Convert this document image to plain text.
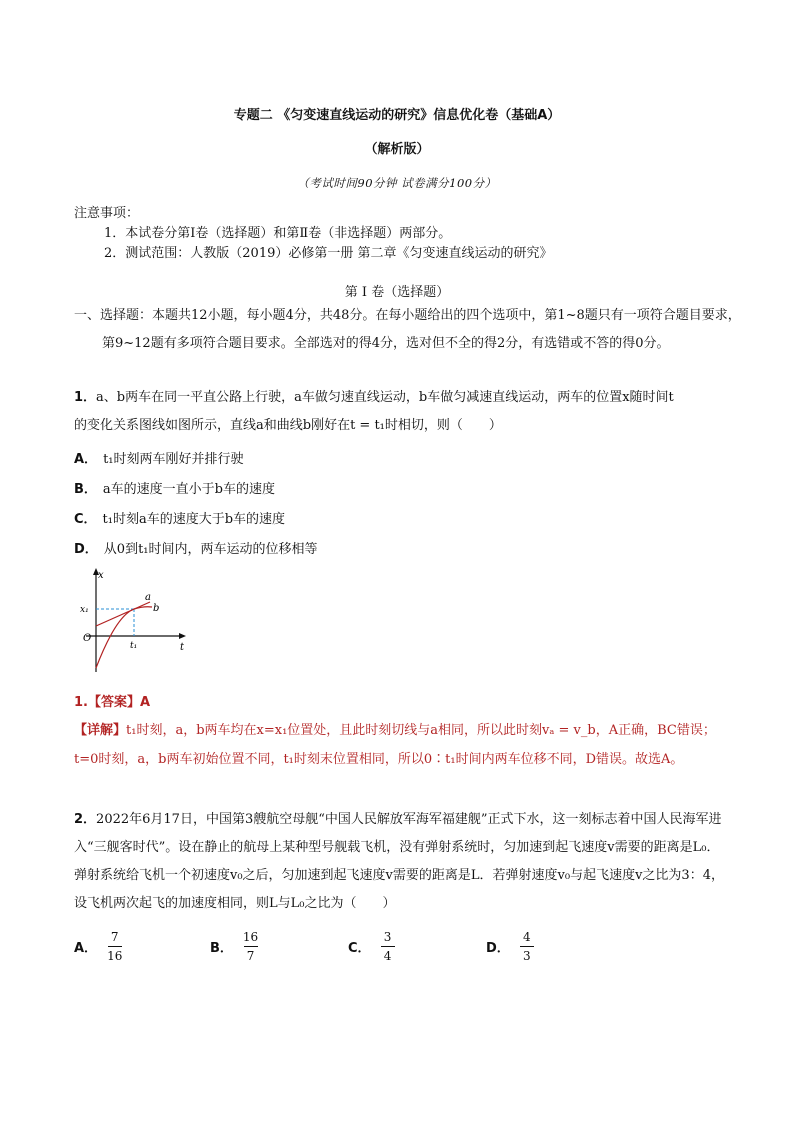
专题二 《匀变速直线运动的研究》信息优化卷（基础A）
（解析版）
（考试时间90分钟 试卷满分100分）
注意事项：
1．本试卷分第Ⅰ卷（选择题）和第Ⅱ卷（非选择题）两部分。
2．测试范围：人教版（2019）必修第一册 第二章《匀变速直线运动的研究》
第 Ⅰ 卷（选择题）
一、选择题：本题共12小题，每小题4分，共48分。在每小题给出的四个选项中，第1~8题只有一项符合题目要求，第9~12题有多项符合题目要求。全部选对的得4分，选对但不全的得2分，有选错或不答的得0分。
1．a、b两车在同一平直公路上行驶，a车做匀速直线运动，b车做匀减速直线运动，两车的位置x随时间t
的变化关系图线如图所示，直线a和曲线b刚好在t = t₁时相切，则（　　）
A． t₁时刻两车刚好并排行驶
B． a车的速度一直小于b车的速度
C． t₁时刻a车的速度大于b车的速度
D． 从0到t₁时间内，两车运动的位移相等
x
t
O
x₁
t₁
a
b
1.【答案】A
【详解】t₁时刻，a，b两车均在x=x₁位置处，且此时刻切线与a相同，所以此时刻vₐ = v_b，A正确，BC错误；t=0时刻，a，b两车初始位置不同，t₁时刻末位置相同，所以0∶t₁时间内两车位移不同，D错误。故选A。
2．2022年6月17日，中国第3艘航空母舰“中国人民解放军海军福建舰”正式下水，这一刻标志着中国人民海军进入“三舰客时代”。设在静止的航母上某种型号舰载飞机，没有弹射系统时，匀加速到起飞速度v需要的距离是L₀．弹射系统给飞机一个初速度v₀之后，匀加速到起飞速度v需要的距离是L．若弹射速度v₀与起飞速度v之比为3：4，设飞机两次起飞的加速度相同，则L与L₀之比为（　　）
A． $\frac{7}{16}$	B． $\frac{16}{7}$	C． $\frac{3}{4}$	D． $\frac{4}{3}$
